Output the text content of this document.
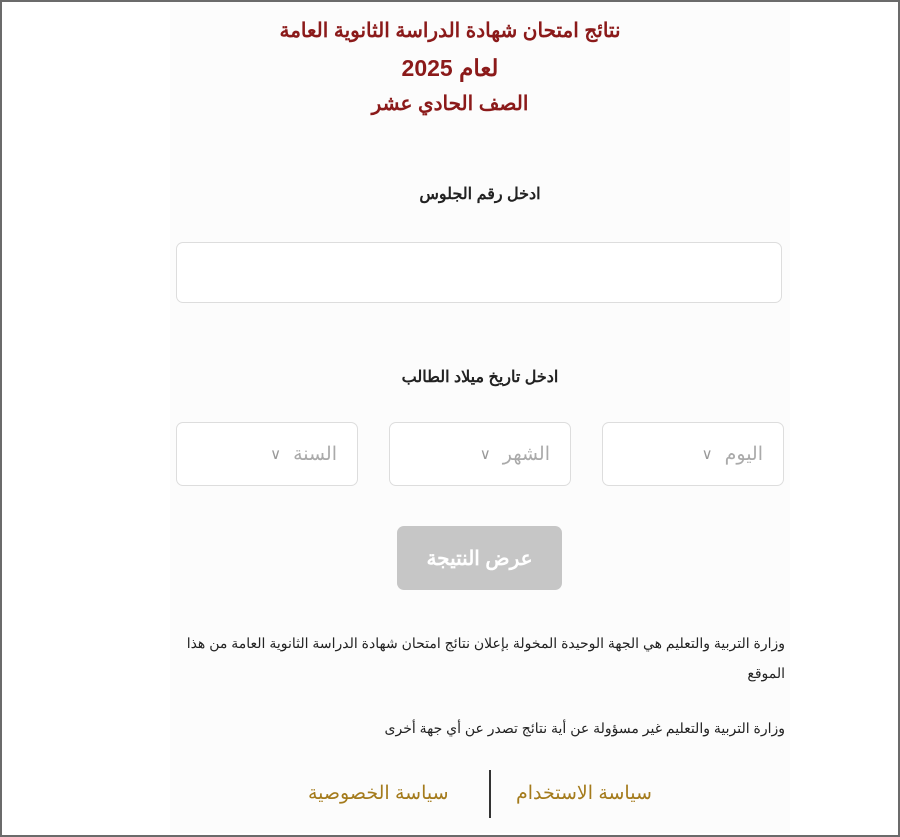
نتائج امتحان شهادة الدراسة الثانوية العامة
لعام 2025
الصف الحادي عشر
ادخل رقم الجلوس
ادخل تاريخ ميلاد الطالب
اليوم
∨
الشهر
∨
السنة
∨
عرض النتيجة
وزارة التربية والتعليم هي الجهة الوحيدة المخولة بإعلان نتائج امتحان شهادة الدراسة الثانوية العامة من هذا الموقع
وزارة التربية والتعليم غير مسؤولة عن أية نتائج تصدر عن أي جهة أخرى
سياسة الاستخدام
سياسة الخصوصية
